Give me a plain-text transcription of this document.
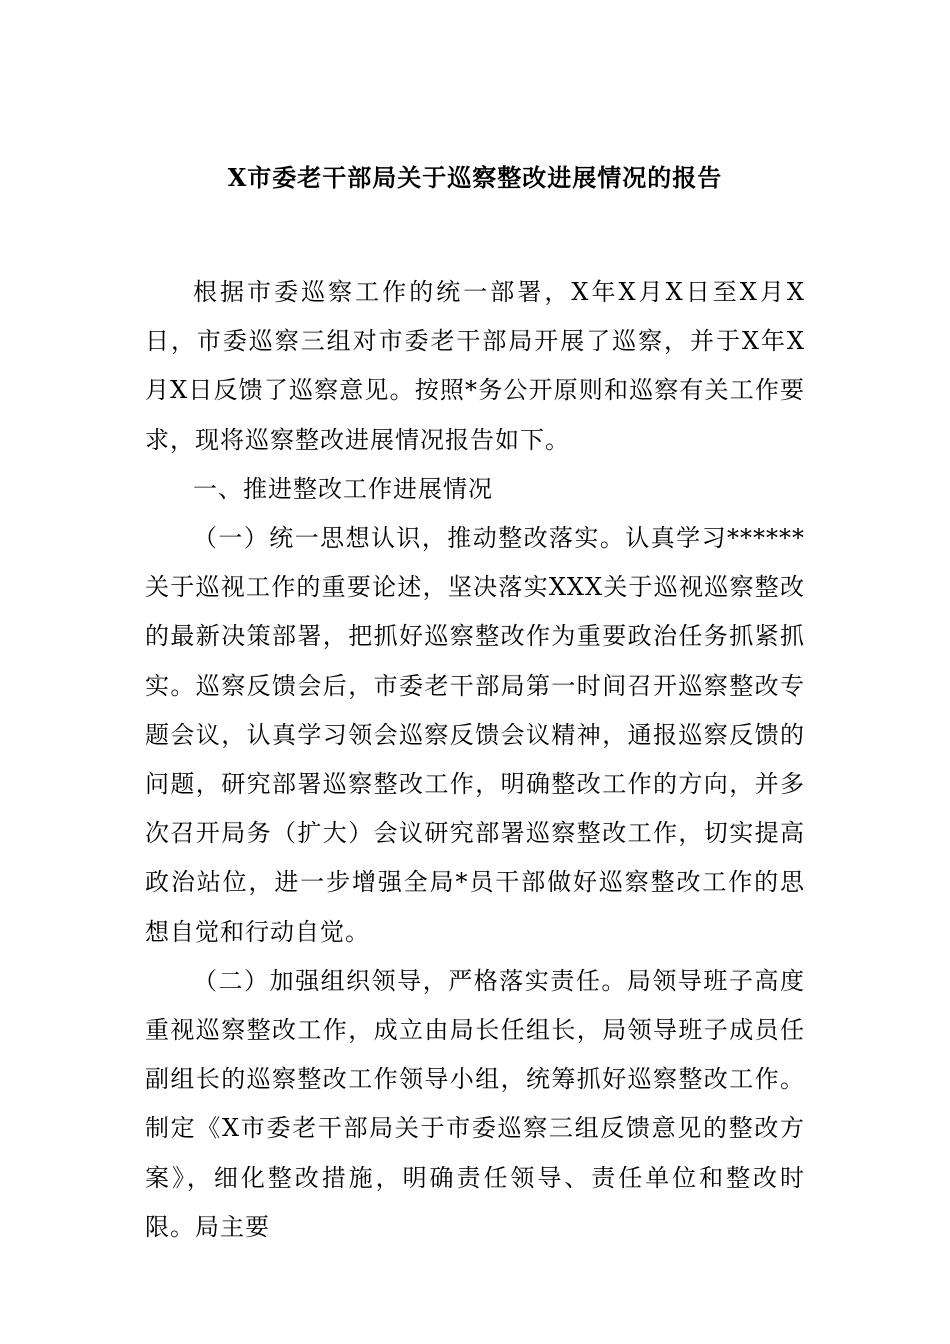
X市委老干部局关于巡察整改进展情况的报告

根据市委巡察工作的统一部署，X年X月X日至X月X日，市委巡察三组对市委老干部局开展了巡察，并于X年X月X日反馈了巡察意见。按照*务公开原则和巡察有关工作要求，现将巡察整改进展情况报告如下。

一、推进整改工作进展情况

（一）统一思想认识，推动整改落实。认真学习******关于巡视工作的重要论述，坚决落实XXX关于巡视巡察整改的最新决策部署，把抓好巡察整改作为重要政治任务抓紧抓实。巡察反馈会后，市委老干部局第一时间召开巡察整改专题会议，认真学习领会巡察反馈会议精神，通报巡察反馈的问题，研究部署巡察整改工作，明确整改工作的方向，并多次召开局务（扩大）会议研究部署巡察整改工作，切实提高政治站位，进一步增强全局*员干部做好巡察整改工作的思想自觉和行动自觉。

（二）加强组织领导，严格落实责任。局领导班子高度重视巡察整改工作，成立由局长任组长，局领导班子成员任副组长的巡察整改工作领导小组，统筹抓好巡察整改工作。制定《X市委老干部局关于市委巡察三组反馈意见的整改方案》，细化整改措施，明确责任领导、责任单位和整改时限。局主要
